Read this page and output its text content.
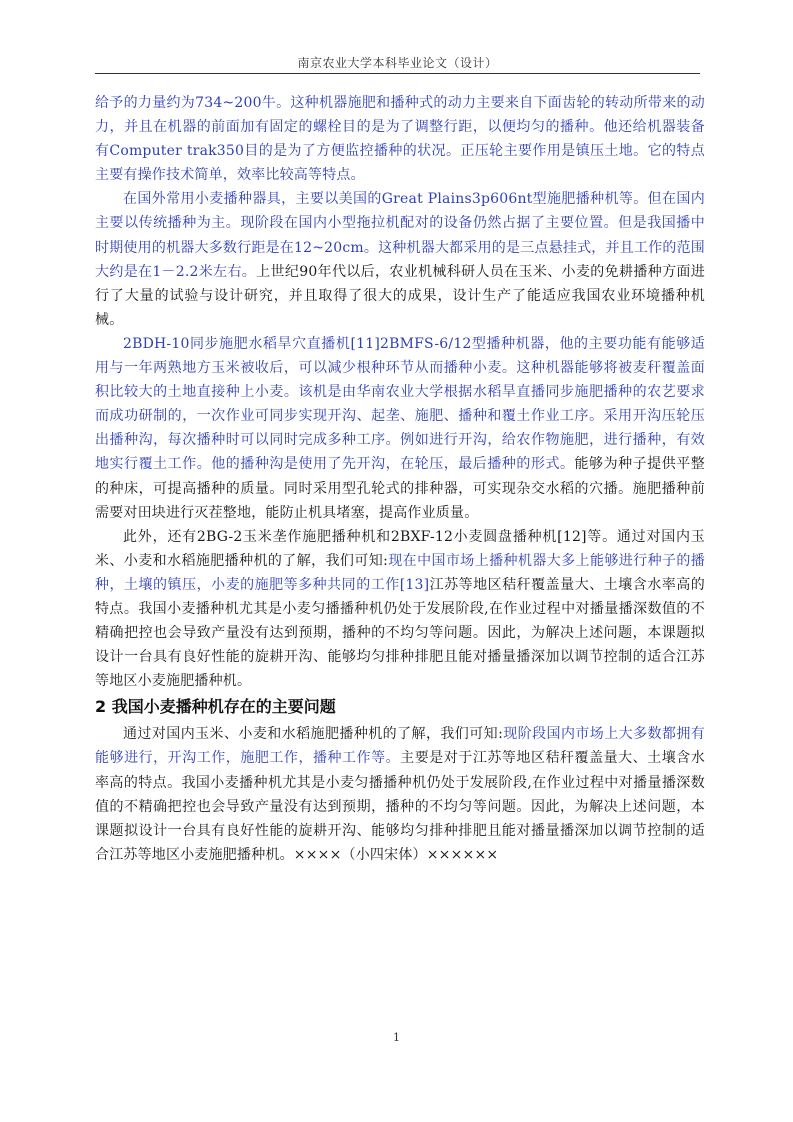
南京农业大学本科毕业论文（设计）

给予的力量约为734~200牛。这种机器施肥和播种式的动力主要来自下面齿轮的转动所带来的动力，并且在机器的前面加有固定的螺栓目的是为了调整行距，以便均匀的播种。他还给机器装备有Computer trak350目的是为了方便监控播种的状况。正压轮主要作用是镇压土地。它的特点主要有操作技术简单，效率比较高等特点。

在国外常用小麦播种器具，主要以美国的Great Plains3p606nt型施肥播种机等。但在国内主要以传统播种为主。现阶段在国内小型拖拉机配对的设备仍然占据了主要位置。但是我国播中时期使用的机器大多数行距是在12~20cm。这种机器大都采用的是三点悬挂式，并且工作的范围大约是在1－2.2米左右。上世纪90年代以后，农业机械科研人员在玉米、小麦的免耕播种方面进行了大量的试验与设计研究，并且取得了很大的成果，设计生产了能适应我国农业环境播种机械。

2BDH-10同步施肥水稻旱穴直播机[11]2BMFS-6/12型播种机器，他的主要功能有能够适用与一年两熟地方玉米被收后，可以减少根种环节从而播种小麦。这种机器能够将被麦秆覆盖面积比较大的土地直接种上小麦。该机是由华南农业大学根据水稻旱直播同步施肥播种的农艺要求而成功研制的，一次作业可同步实现开沟、起垄、施肥、播种和覆土作业工序。采用开沟压轮压出播种沟，每次播种时可以同时完成多种工序。例如进行开沟，给农作物施肥，进行播种，有效地实行覆土工作。他的播种沟是使用了先开沟，在轮压，最后播种的形式。能够为种子提供平整的种床，可提高播种的质量。同时采用型孔轮式的排种器，可实现杂交水稻的穴播。施肥播种前需要对田块进行灭茬整地，能防止机具堵塞，提高作业质量。

此外，还有2BG-2玉米垄作施肥播种机和2BXF-12小麦圆盘播种机[12]等。通过对国内玉米、小麦和水稻施肥播种机的了解，我们可知:现在中国市场上播种机器大多上能够进行种子的播种，土壤的镇压，小麦的施肥等多种共同的工作[13]江苏等地区秸秆覆盖量大、土壤含水率高的特点。我国小麦播种机尤其是小麦匀播播种机仍处于发展阶段,在作业过程中对播量播深数值的不精确把控也会导致产量没有达到预期，播种的不均匀等问题。因此，为解决上述问题，本课题拟设计一台具有良好性能的旋耕开沟、能够均匀排种排肥且能对播量播深加以调节控制的适合江苏等地区小麦施肥播种机。

2 我国小麦播种机存在的主要问题

通过对国内玉米、小麦和水稻施肥播种机的了解，我们可知:现阶段国内市场上大多数都拥有能够进行，开沟工作，施肥工作，播种工作等。主要是对于江苏等地区秸秆覆盖量大、土壤含水率高的特点。我国小麦播种机尤其是小麦匀播播种机仍处于发展阶段,在作业过程中对播量播深数值的不精确把控也会导致产量没有达到预期，播种的不均匀等问题。因此，为解决上述问题，本课题拟设计一台具有良好性能的旋耕开沟、能够均匀排种排肥且能对播量播深加以调节控制的适合江苏等地区小麦施肥播种机。××××（小四宋体）××××××

1
